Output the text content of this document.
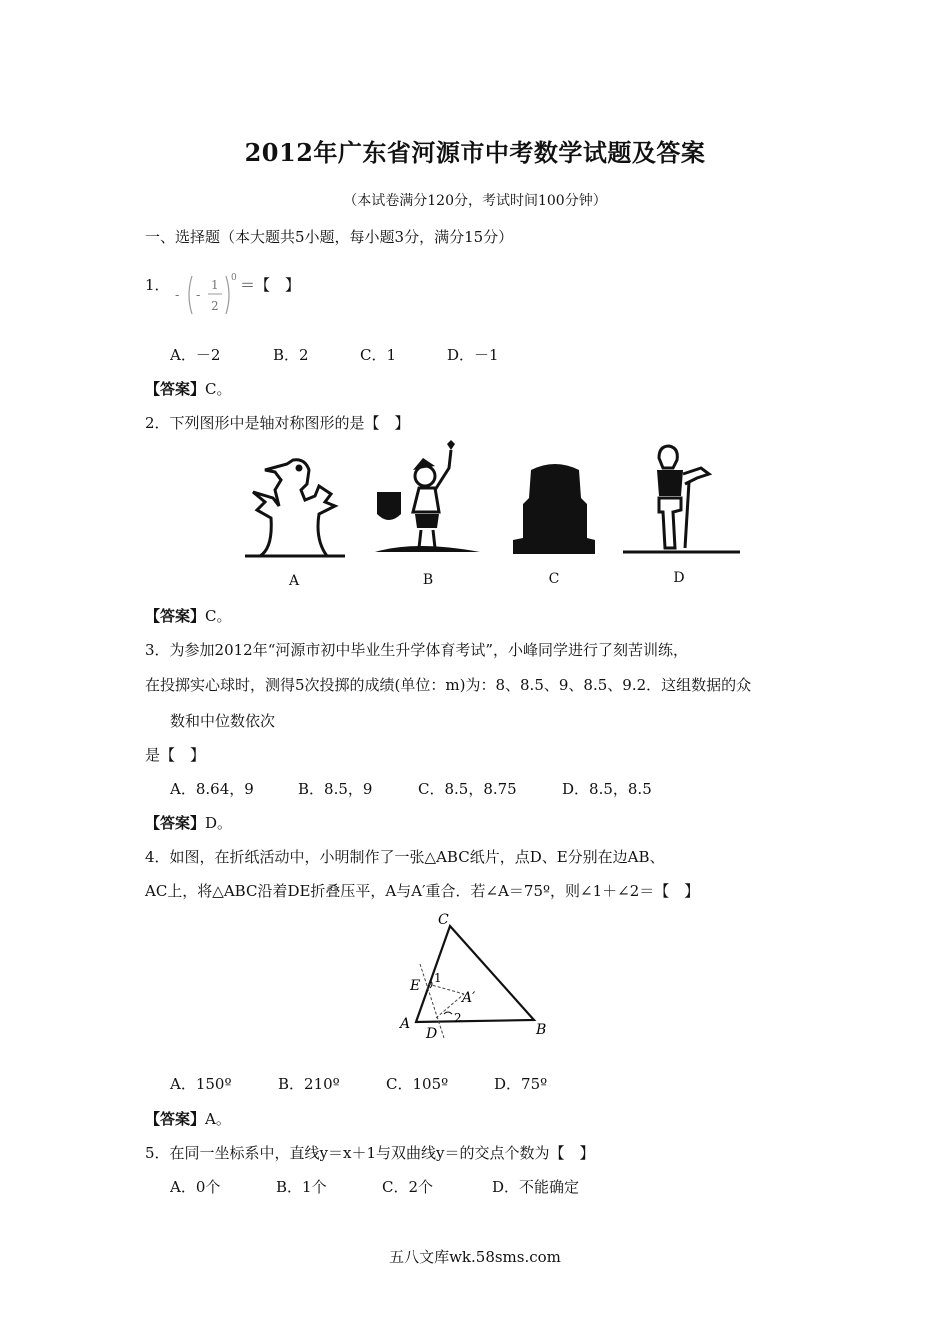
2012年广东省河源市中考数学试题及答案
（本试卷满分120分，考试时间100分钟）
一、选择题（本大题共5小题，每小题3分，满分15分）
1．
- -
1
2
0 ＝【　】
A．－2	B．2	C．1	D．－1
【答案】C。
2．下列图形中是轴对称图形的是【　】
A	B	C	D
【答案】C。
3．为参加2012年“河源市初中毕业生升学体育考试”，小峰同学进行了刻苦训练，
在投掷实心球时，测得5次投掷的成绩(单位：m)为：8、8.5、9、8.5、9.2．这组数据的众
数和中位数依次
是【　】
A．8.64，9	B．8.5，9	C．8.5，8.75	D．8.5，8.5
【答案】D。
4．如图，在折纸活动中，小明制作了一张△ABC纸片，点D、E分别在边AB、
AC上，将△ABC沿着DE折叠压平，A与A′重合．若∠A＝75º，则∠1＋∠2＝【　】
C
E 1
A′
2
A
D	B
A．150º	B．210º	C．105º	D．75º
【答案】A。
5．在同一坐标系中，直线y＝x＋1与双曲线y＝的交点个数为【　】
A．0个	B．1个	C．2个	D．不能确定
五八文库wk.58sms.com
